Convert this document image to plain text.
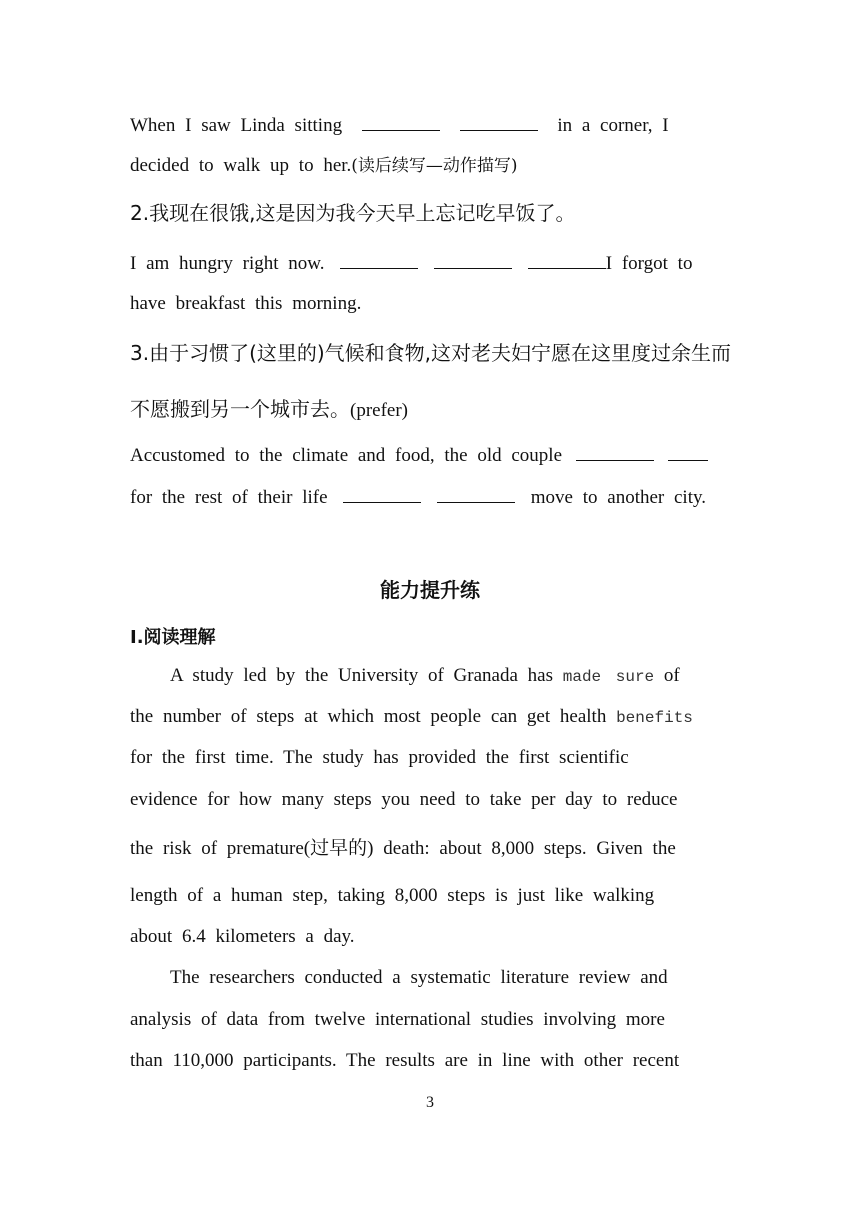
When I saw Linda sitting	in a corner, I
decided to walk up to her.(读后续写—动作描写)
2.我现在很饿,这是因为我今天早上忘记吃早饭了。
I am hungry right now.	I forgot to
have breakfast this morning.
3.由于习惯了(这里的)气候和食物,这对老夫妇宁愿在这里度过余生而
不愿搬到另一个城市去。(prefer)
Accustomed to the climate and food, the old couple
for the rest of their life	move to another city.
能力提升练
Ⅰ.阅读理解
A study led by the University of Granada has made sure of
the number of steps at which most people can get health benefits
for the first time. The study has provided the first scientific
evidence for how many steps you need to take per day to reduce
the risk of premature(过早的) death: about 8,000 steps. Given the
length of a human step, taking 8,000 steps is just like walking
about 6.4 kilometers a day.
The researchers conducted a systematic literature review and
analysis of data from twelve international studies involving more
than 110,000 participants. The results are in line with other recent
3
